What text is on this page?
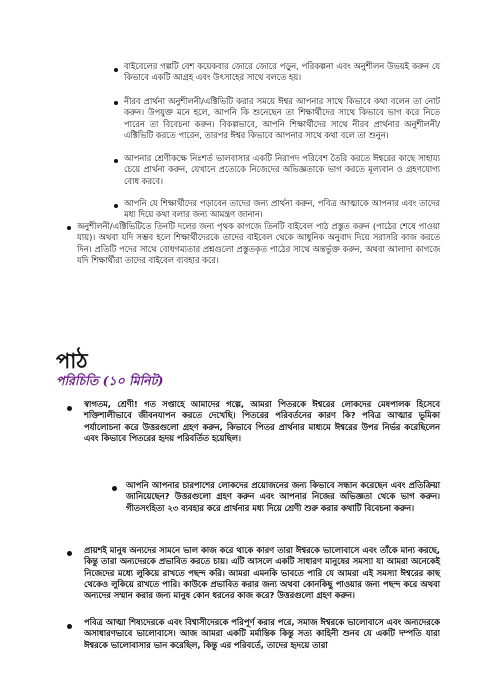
বাইবেলের গল্পটি বেশ কয়েকবার জোরে জোরে পড়ুন, পরিকল্পনা এবং অনুশীলন উভয়ই করুন যে কিভাবে একটি আগ্রহ এবং উৎসাহের সাথে বলতে হয়।

নীরব প্রার্থনা অনুশীলনী/এক্টিভিটি করার সময়ে ঈশ্বর আপনার সাথে কিভাবে কথা বলেন তা নোট করুন। উপযুক্ত মনে হলে, আপনি কি শুনেছেন তা শিক্ষার্থীদের সাথে কিভাবে ভাগ করে নিতে পারেন তা বিবেচনা করুন। বিকল্পভাবে, আপনি শিক্ষার্থীদের সাথে নীরব প্রার্থনার অনুশীলনী/এক্টিভিটি করতে পারেন, তারপর ঈশ্বর কিভাবে আপনার সাথে কথা বলে তা শুনুন।

আপনার শ্রেণীকক্ষে নিঃশর্ত ভালবাসার একটি নিরাপদ পরিবেশ তৈরি করতে ঈশ্বরের কাছে সাহায্য চেয়ে প্রার্থনা করুন, যেখানে প্রত্যেকে নিজেদের অভিজ্ঞতাকে ভাগ করতে মূল্যবান ও গ্রহণযোগ্য বোধ করবে।

আপনি যে শিক্ষার্থীদের পড়াবেন তাদের জন্য প্রার্থনা করুন, পবিত্র আত্মাকে আপনার এবং তাদের মধ্য দিয়ে কথা বলার জন্য আমন্ত্রণ জানান।

অনুশীলনী/এক্টিভিটিতে তিনটি দলের জন্য পৃথক কাগজে তিনটি বাইবেল পাঠ প্রস্তুত করুন (পাঠের শেষে পাওয়া যায়)। অথবা যদি সম্ভব হলে শিক্ষার্থীদেরকে তাদের বাইবেল থেকে আধুনিক অনুবাদ দিয়ে সরাসরি কাজ করতে দিন। প্রতিটি পদের সাথে বোধগম্যতার প্রশ্নগুলো প্রস্তুতকৃত পাঠের সাথে অন্তর্ভুক্ত করুন, অথবা আলাদা কাগজে যদি শিক্ষার্থীরা তাদের বাইবেল ব্যবহার করে।

পাঠ
পরিচিতি (১০ মিনিট)

স্বাগতম, শ্রেণী! গত সপ্তাহে আমাদের গল্পে, আমরা পিতরকে ঈশ্বরের লোকদের মেষপালক হিসেবে শক্তিশালীভাবে জীবনযাপন করতে দেখেছি। পিতরের পরিবর্তনের কারণ কি? পবিত্র আত্মার ভূমিকা পর্যালোচনা করে উত্তরগুলো গ্রহণ করুন, কিভাবে পিতর প্রার্থনার মাধ্যমে ঈশ্বরের উপর নির্ভর করেছিলেন এবং কিভাবে পিতরের হৃদয় পরিবর্তিত হয়েছিল।

আপনি আপনার চারপাশের লোকদের প্রয়োজনের জন্য কিভাবে সন্ধান করেছেন এবং প্রতিক্রিয়া জানিয়েছেন? উত্তরগুলো গ্রহণ করুন এবং আপনার নিজের অভিজ্ঞতা থেকে ভাগ করুন। গীতসংহিতা ২৩ ব্যবহার করে প্রার্থনার মধ্য দিয়ে শ্রেণী শুরু করার কথাটি বিবেচনা করুন।

প্রায়শই মানুষ অন্যদের সামনে ভাল কাজ করে থাকে কারণ তারা ঈশ্বরকে ভালোবাসে এবং তাঁকে মান্য করছে, কিন্তু তারা অন্যদেরকে প্রভাবিত করতে চায়। এটি আসলে একটি সাধারণ মানুষের সমস্যা যা আমরা অনেকেই নিজেদের মধ্যে লুকিয়ে রাখতে পছন্দ করি। আমরা এমনকি ভাবতে পারি যে আমরা এই সমস্যা ঈশ্বরের কাছ থেকেও লুকিয়ে রাখতে পারি। কাউকে প্রভাবিত করার জন্য অথবা কোনকিছু পাওয়ার জন্য পছন্দ করে অথবা অন্যদের সম্মান করার জন্য মানুষ কোন ধরনের কাজ করে? উত্তরগুলো গ্রহণ করুন।

পবিত্র আত্মা শিষ্যদেরকে এবং বিশ্বাসীদেরকে পরিপূর্ণ করার পরে, সমাজ ঈশ্বরকে ভালোবাসে এবং অন্যদেরকে অসাধারণভাবে ভালোবাসে। আজ আমরা একটি মর্মান্তিক কিন্তু সত্য কাহিনী শুনব যে একটি দম্পতি যারা ঈশ্বরকে ভালোবাসার ভান করেছিল, কিন্তু এর পরিবর্তে, তাদের হৃদয়ে তারা
